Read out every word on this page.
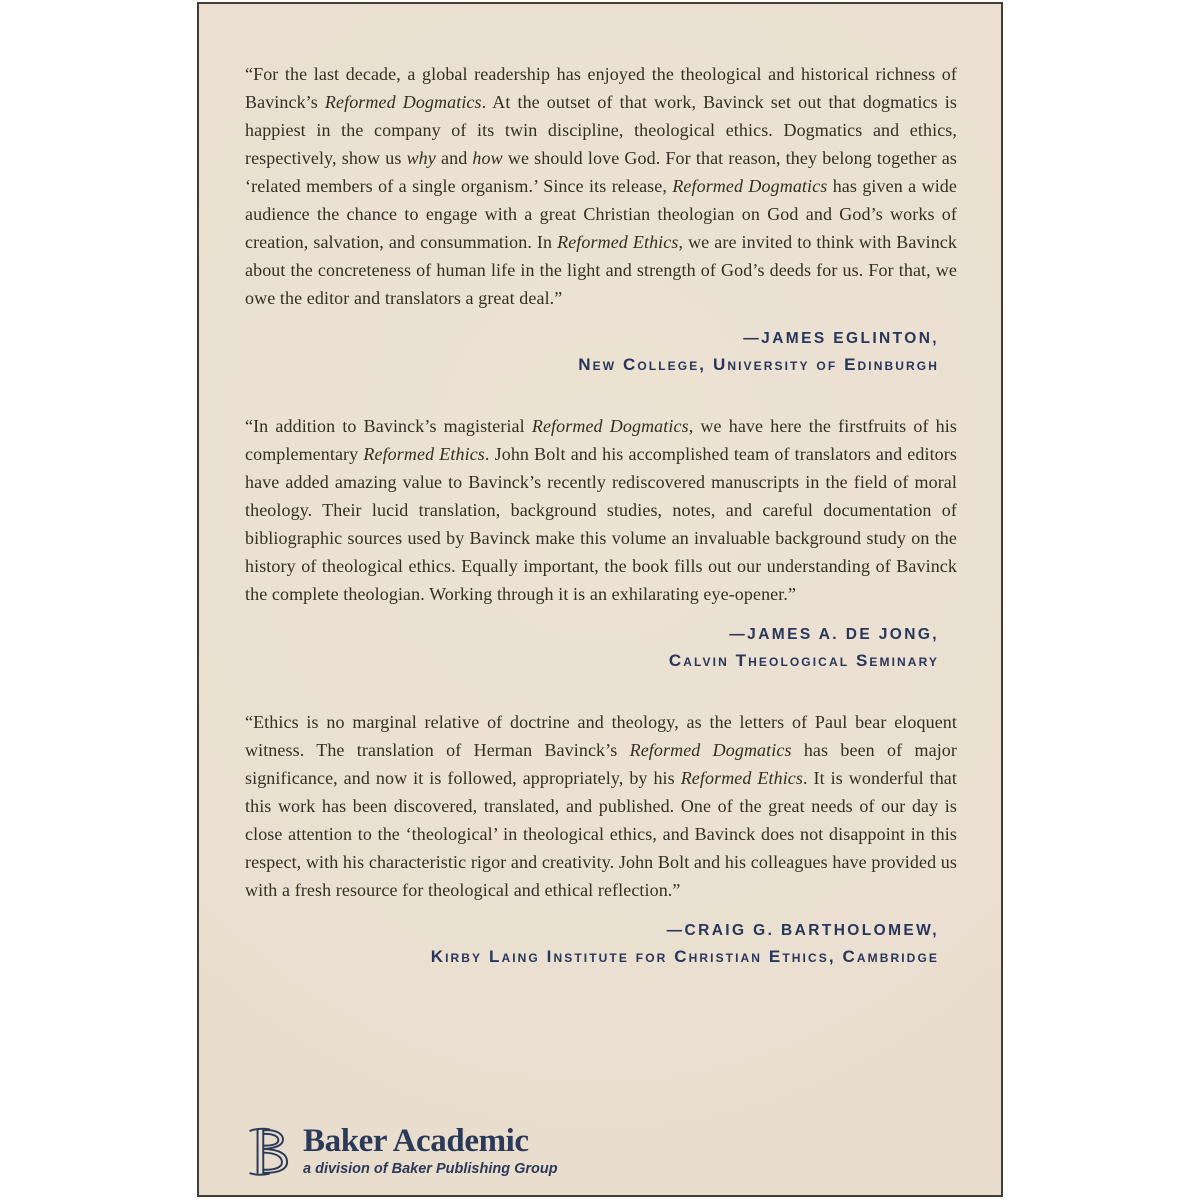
“For the last decade, a global readership has enjoyed the theological and historical richness of Bavinck’s Reformed Dogmatics. At the outset of that work, Bavinck set out that dogmatics is happiest in the company of its twin discipline, theological ethics. Dogmatics and ethics, respectively, show us why and how we should love God. For that reason, they belong together as ‘related members of a single organism.’ Since its release, Reformed Dogmatics has given a wide audience the chance to engage with a great Christian theologian on God and God’s works of creation, salvation, and consummation. In Reformed Ethics, we are invited to think with Bavinck about the concreteness of human life in the light and strength of God’s deeds for us. For that, we owe the editor and translators a great deal.”

—JAMES EGLINTON,
New College, University of Edinburgh

“In addition to Bavinck’s magisterial Reformed Dogmatics, we have here the firstfruits of his complementary Reformed Ethics. John Bolt and his accomplished team of translators and editors have added amazing value to Bavinck’s recently rediscovered manuscripts in the field of moral theology. Their lucid translation, background studies, notes, and careful documentation of bibliographic sources used by Bavinck make this volume an invaluable background study on the history of theological ethics. Equally important, the book fills out our understanding of Bavinck the complete theologian. Working through it is an exhilarating eye-opener.”

—JAMES A. DE JONG,
Calvin Theological Seminary

“Ethics is no marginal relative of doctrine and theology, as the letters of Paul bear eloquent witness. The translation of Herman Bavinck’s Reformed Dogmatics has been of major significance, and now it is followed, appropriately, by his Reformed Ethics. It is wonderful that this work has been discovered, translated, and published. One of the great needs of our day is close attention to the ‘theological’ in theological ethics, and Bavinck does not disappoint in this respect, with his characteristic rigor and creativity. John Bolt and his colleagues have provided us with a fresh resource for theological and ethical reflection.”

—CRAIG G. BARTHOLOMEW,
Kirby Laing Institute for Christian Ethics, Cambridge
Baker Academic
a division of Baker Publishing Group
